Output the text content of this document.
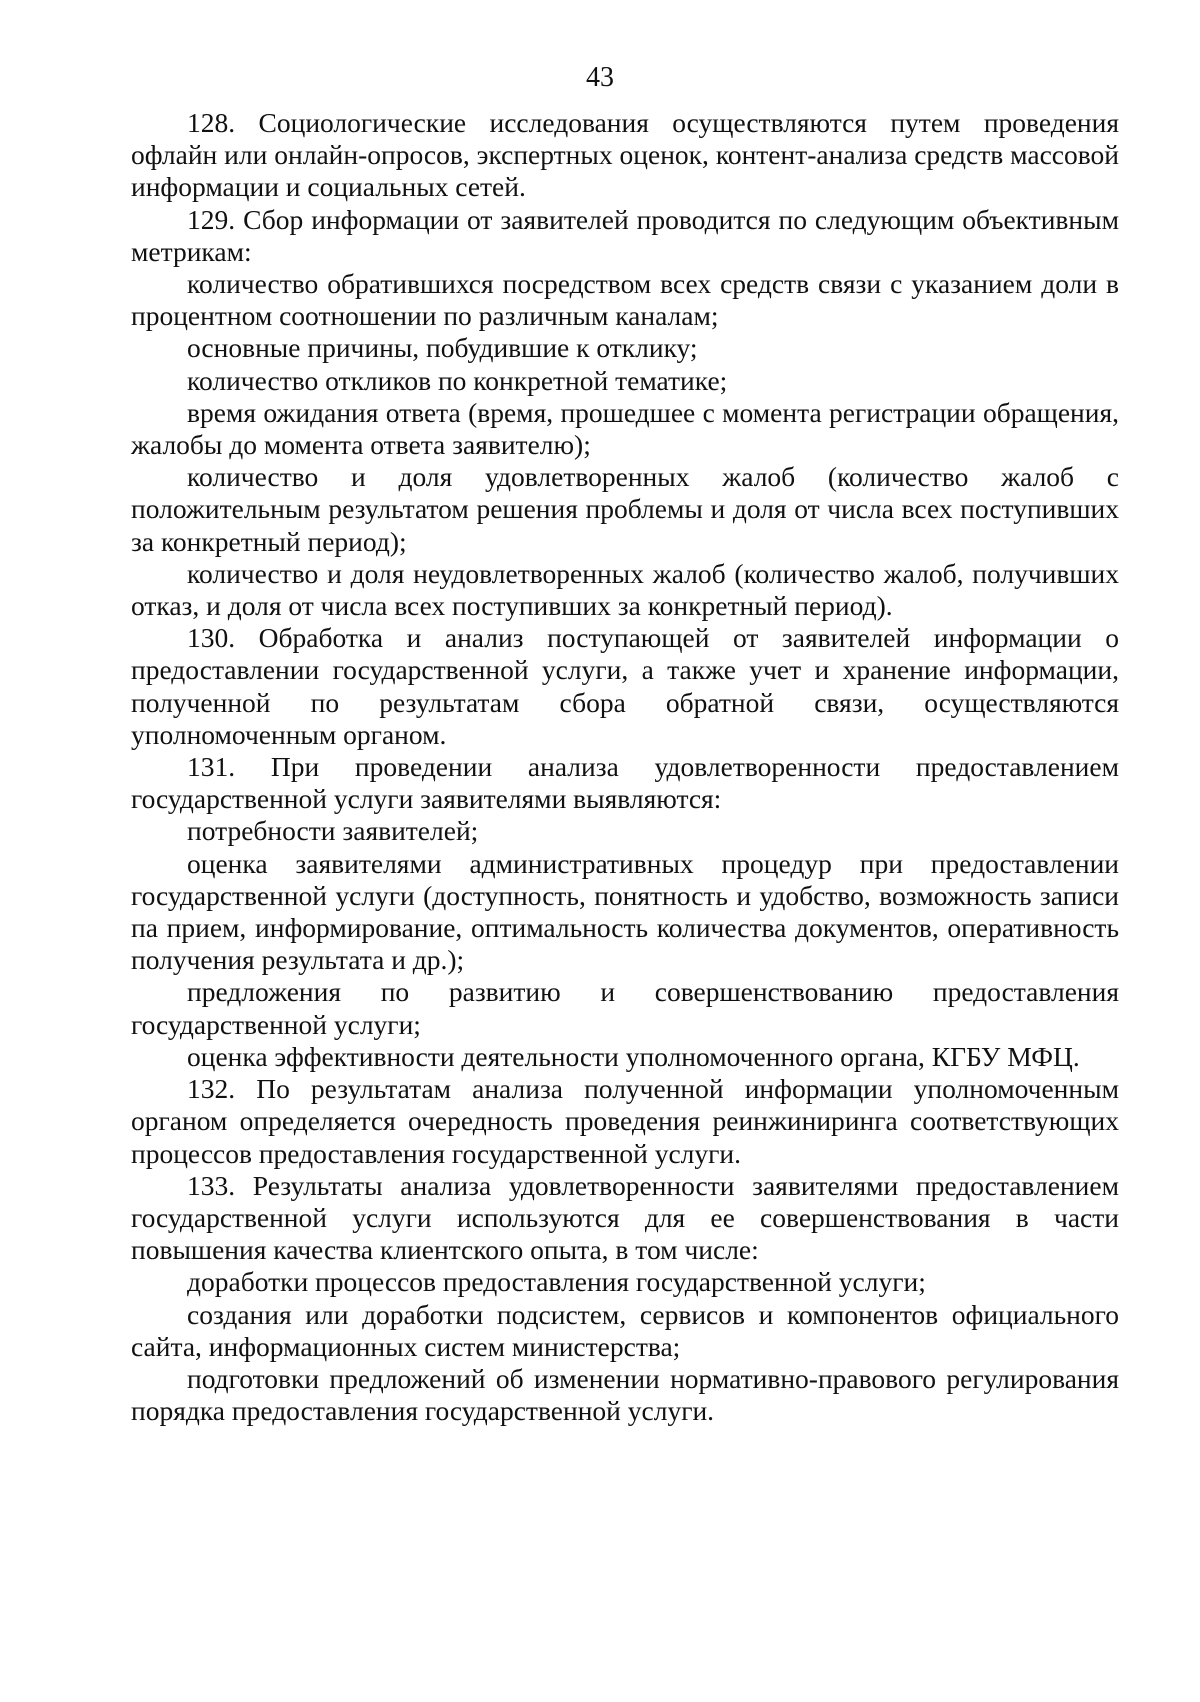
43

128. Социологические исследования осуществляются путем проведения офлайн или онлайн-опросов, экспертных оценок, контент-анализа средств массовой информации и социальных сетей.

129. Сбор информации от заявителей проводится по следующим объективным метрикам:

количество обратившихся посредством всех средств связи с указанием доли в процентном соотношении по различным каналам;

основные причины, побудившие к отклику;

количество откликов по конкретной тематике;

время ожидания ответа (время, прошедшее с момента регистрации обращения, жалобы до момента ответа заявителю);

количество и доля удовлетворенных жалоб (количество жалоб с положительным результатом решения проблемы и доля от числа всех поступивших за конкретный период);

количество и доля неудовлетворенных жалоб (количество жалоб, получивших отказ, и доля от числа всех поступивших за конкретный период).

130. Обработка и анализ поступающей от заявителей информации о предоставлении государственной услуги, а также учет и хранение информации, полученной по результатам сбора обратной связи, осуществляются уполномоченным органом.

131. При проведении анализа удовлетворенности предоставлением государственной услуги заявителями выявляются:

потребности заявителей;

оценка заявителями административных процедур при предоставлении государственной услуги (доступность, понятность и удобство, возможность записи па прием, информирование, оптимальность количества документов, оперативность получения результата и др.);

предложения по развитию и совершенствованию предоставления государственной услуги;

оценка эффективности деятельности уполномоченного органа, КГБУ МФЦ.

132. По результатам анализа полученной информации уполномоченным органом определяется очередность проведения реинжиниринга соответствующих процессов предоставления государственной услуги.

133. Результаты анализа удовлетворенности заявителями предоставлением государственной услуги используются для ее совершенствования в части повышения качества клиентского опыта, в том числе:

доработки процессов предоставления государственной услуги;

создания или доработки подсистем, сервисов и компонентов официального сайта, информационных систем министерства;

подготовки предложений об изменении нормативно-правового регулирования порядка предоставления государственной услуги.
